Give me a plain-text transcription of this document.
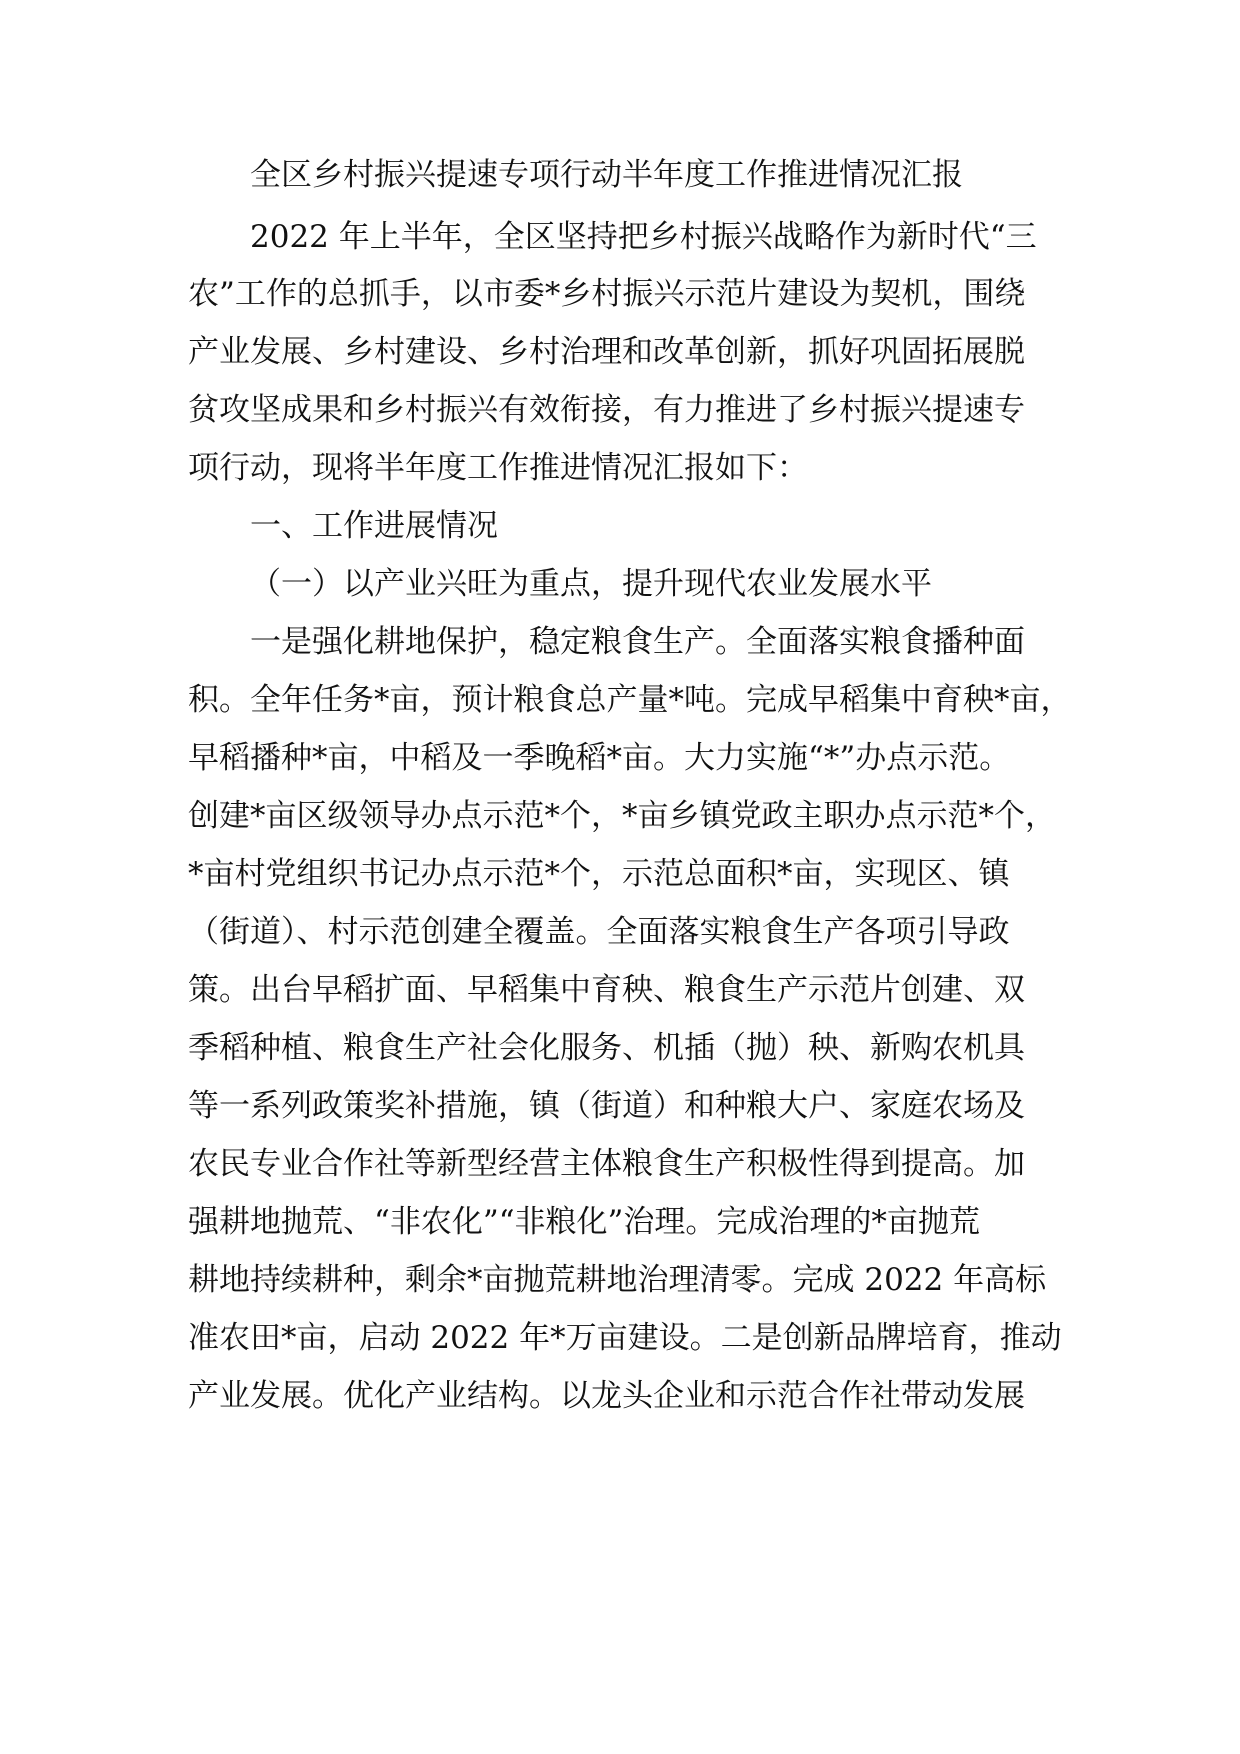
全区乡村振兴提速专项行动半年度工作推进情况汇报
2022 年上半年，全区坚持把乡村振兴战略作为新时代“三
农”工作的总抓手，以市委*乡村振兴示范片建设为契机，围绕
产业发展、乡村建设、乡村治理和改革创新，抓好巩固拓展脱
贫攻坚成果和乡村振兴有效衔接，有力推进了乡村振兴提速专
项行动，现将半年度工作推进情况汇报如下：
一、工作进展情况
（一）以产业兴旺为重点，提升现代农业发展水平
一是强化耕地保护，稳定粮食生产。全面落实粮食播种面
积。全年任务*亩，预计粮食总产量*吨。完成早稻集中育秧*亩，
早稻播种*亩，中稻及一季晚稻*亩。大力实施“*”办点示范。
创建*亩区级领导办点示范*个，*亩乡镇党政主职办点示范*个，
*亩村党组织书记办点示范*个，示范总面积*亩，实现区、镇
（街道）、村示范创建全覆盖。全面落实粮食生产各项引导政
策。出台早稻扩面、早稻集中育秧、粮食生产示范片创建、双
季稻种植、粮食生产社会化服务、机插（抛）秧、新购农机具
等一系列政策奖补措施，镇（街道）和种粮大户、家庭农场及
农民专业合作社等新型经营主体粮食生产积极性得到提高。加
强耕地抛荒、“非农化”“非粮化”治理。完成治理的*亩抛荒
耕地持续耕种，剩余*亩抛荒耕地治理清零。完成 2022 年高标
准农田*亩，启动 2022 年*万亩建设。二是创新品牌培育，推动
产业发展。优化产业结构。以龙头企业和示范合作社带动发展
